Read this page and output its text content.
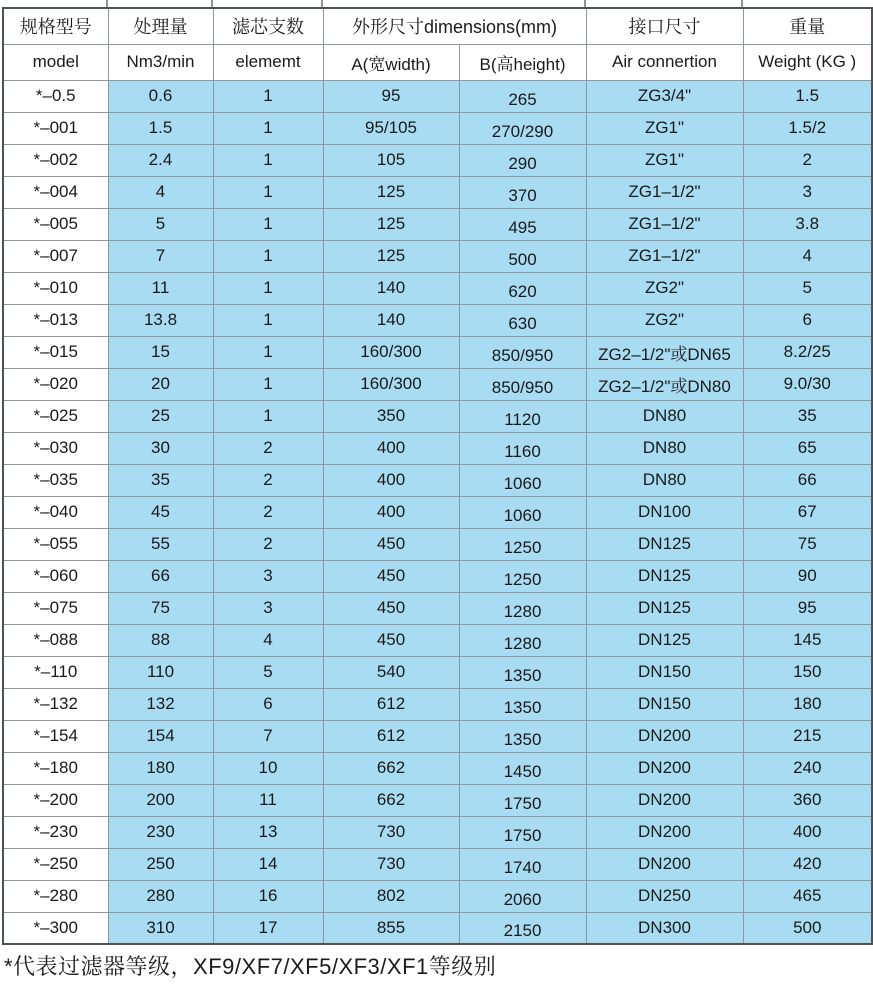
规格型号	处理量	滤芯支数	外形尺寸dimensions(mm)		接口尺寸	重量
model	Nm3/min	elememt	A(宽width)	B(高height)	Air connertion	Weight (KG )
*–0.5	0.6	1	95	265	ZG3/4"	1.5
*–001	1.5	1	95/105	270/290	ZG1"	1.5/2
*–002	2.4	1	105	290	ZG1"	2
*–004	4	1	125	370	ZG1–1/2"	3
*–005	5	1	125	495	ZG1–1/2"	3.8
*–007	7	1	125	500	ZG1–1/2"	4
*–010	11	1	140	620	ZG2"	5
*–013	13.8	1	140	630	ZG2"	6
*–015	15	1	160/300	850/950	ZG2–1/2"或DN65	8.2/25
*–020	20	1	160/300	850/950	ZG2–1/2"或DN80	9.0/30
*–025	25	1	350	1120	DN80	35
*–030	30	2	400	1160	DN80	65
*–035	35	2	400	1060	DN80	66
*–040	45	2	400	1060	DN100	67
*–055	55	2	450	1250	DN125	75
*–060	66	3	450	1250	DN125	90
*–075	75	3	450	1280	DN125	95
*–088	88	4	450	1280	DN125	145
*–110	110	5	540	1350	DN150	150
*–132	132	6	612	1350	DN150	180
*–154	154	7	612	1350	DN200	215
*–180	180	10	662	1450	DN200	240
*–200	200	11	662	1750	DN200	360
*–230	230	13	730	1750	DN200	400
*–250	250	14	730	1740	DN200	420
*–280	280	16	802	2060	DN250	465
*–300	310	17	855	2150	DN300	500
*代表过滤器等级，XF9/XF7/XF5/XF3/XF1等级别
